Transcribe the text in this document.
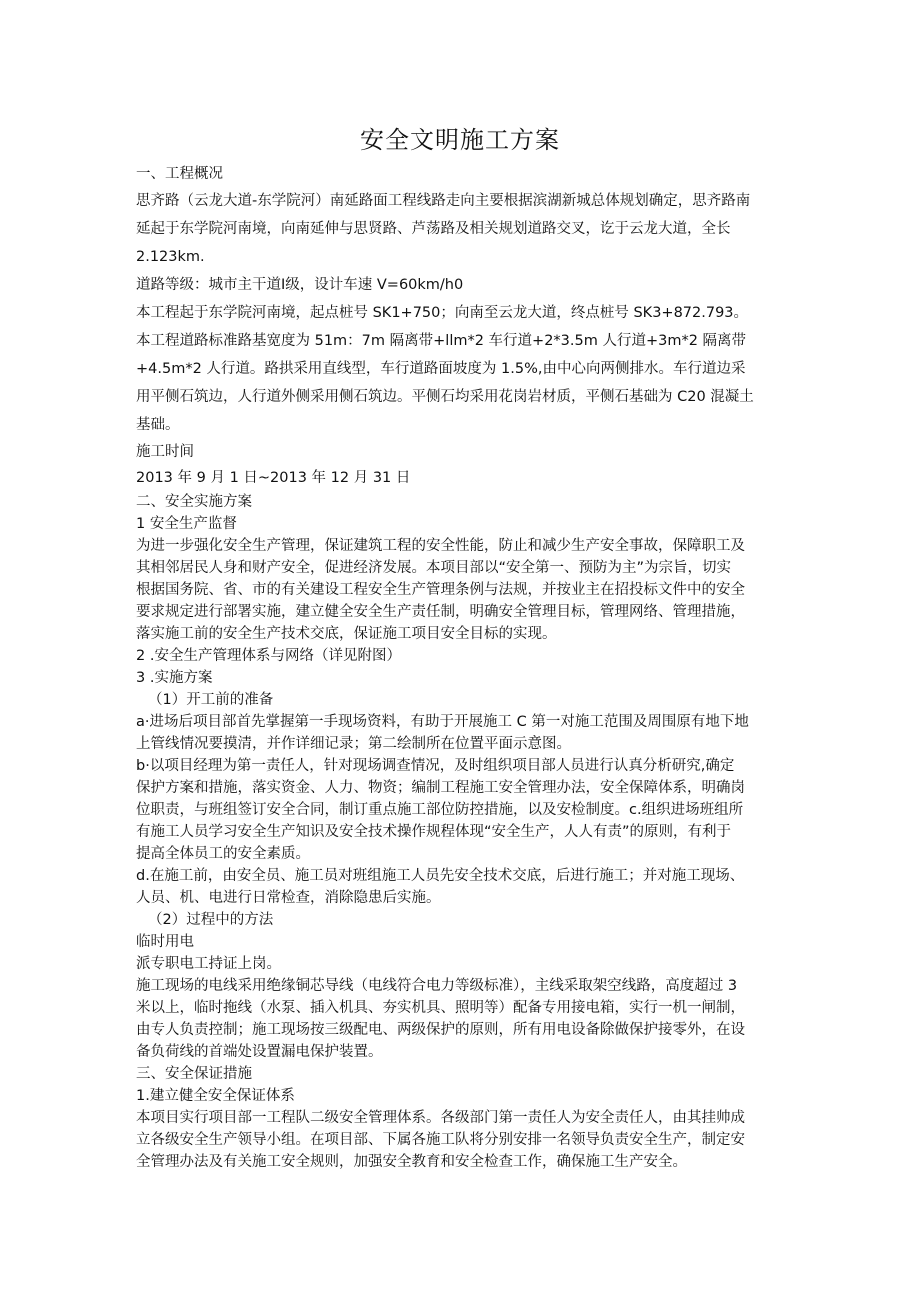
安全文明施工方案
一、工程概况
思齐路（云龙大道-东学院河）南延路面工程线路走向主要根据滨湖新城总体规划确定，思齐路南
延起于东学院河南境，向南延伸与思贤路、芦荡路及相关规划道路交叉，讫于云龙大道，全长
2.123km.
道路等级：城市主干道Ⅰ级，设计车速 V=60km∕h0
本工程起于东学院河南境，起点桩号 SK1+750；向南至云龙大道，终点桩号 SK3+872.793。
本工程道路标准路基宽度为 51m：7m 隔离带+llm*2 车行道+2*3.5m 人行道+3m*2 隔离带
+4.5m*2 人行道。路拱采用直线型，车行道路面坡度为 1.5%,由中心向两侧排水。车行道边采
用平侧石筑边，人行道外侧采用侧石筑边。平侧石均采用花岗岩材质，平侧石基础为 C20 混凝土
基础。
施工时间
2013 年 9 月 1 日~2013 年 12 月 31 日
二、安全实施方案
1 安全生产监督
为进一步强化安全生产管理，保证建筑工程的安全性能，防止和减少生产安全事故，保障职工及
其相邻居民人身和财产安全，促进经济发展。本项目部以“安全第一、预防为主”为宗旨，切实
根据国务院、省、市的有关建设工程安全生产管理条例与法规，并按业主在招投标文件中的安全
要求规定进行部署实施，建立健全安全生产责任制，明确安全管理目标，管理网络、管理措施，
落实施工前的安全生产技术交底，保证施工项目安全目标的实现。
2 .安全生产管理体系与网络（详见附图）
3 .实施方案
（1）开工前的准备
a·进场后项目部首先掌握第一手现场资料，有助于开展施工 C 第一对施工范围及周围原有地下地
上管线情况要摸清，并作详细记录；第二绘制所在位置平面示意图。
b·以项目经理为第一责任人，针对现场调查情况，及时组织项目部人员进行认真分析研究,确定
保护方案和措施，落实资金、人力、物资；编制工程施工安全管理办法，安全保障体系，明确岗
位职责，与班组签订安全合同，制订重点施工部位防控措施，以及安检制度。c.组织进场班组所
有施工人员学习安全生产知识及安全技术操作规程体现“安全生产，人人有责”的原则，有利于
提高全体员工的安全素质。
d.在施工前，由安全员、施工员对班组施工人员先安全技术交底，后进行施工；并对施工现场、
人员、机、电进行日常检查，消除隐患后实施。
（2）过程中的方法
临时用电
派专职电工持证上岗。
施工现场的电线采用绝缘铜芯导线（电线符合电力等级标准），主线采取架空线路，高度超过 3
米以上，临时拖线（水泵、插入机具、夯实机具、照明等）配备专用接电箱，实行一机一闸制，
由专人负责控制；施工现场按三级配电、两级保护的原则，所有用电设备除做保护接零外，在设
备负荷线的首端处设置漏电保护装置。
三、安全保证措施
1.建立健全安全保证体系
本项目实行项目部一工程队二级安全管理体系。各级部门第一责任人为安全责任人，由其挂帅成
立各级安全生产领导小组。在项目部、下属各施工队将分别安排一名领导负责安全生产，制定安
全管理办法及有关施工安全规则，加强安全教育和安全检查工作，确保施工生产安全。
